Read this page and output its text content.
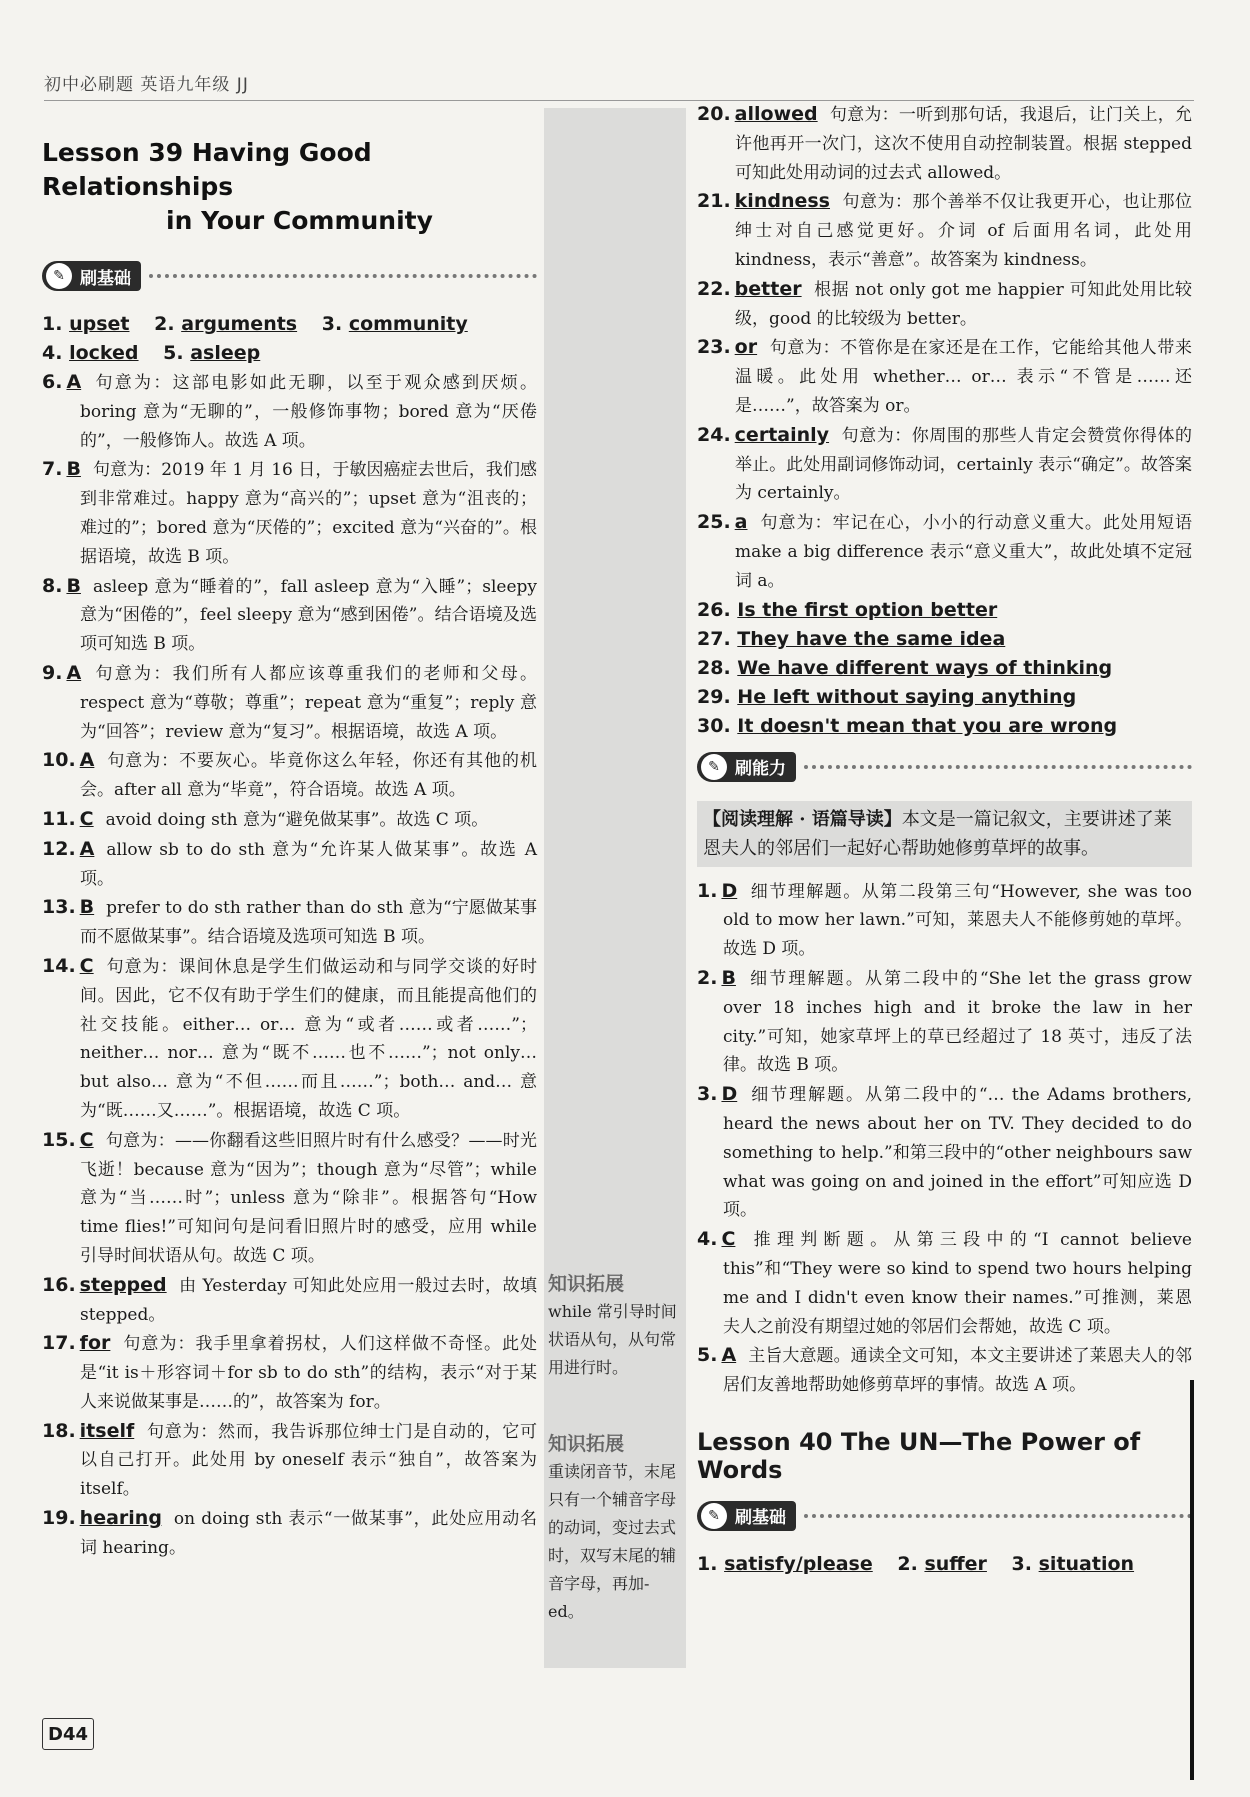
初中必刷题 英语九年级 JJ
知识拓展
while 常引导时间状语从句，从句常用进行时。
知识拓展
重读闭音节，末尾只有一个辅音字母的动词，变过去式时，双写末尾的辅音字母，再加-ed。
Lesson 39 Having Good Relationships
in Your Community
✎ 刷基础
1. upset 2. arguments 3. community
4. locked 5. asleep

6. A 句意为：这部电影如此无聊，以至于观众感到厌烦。boring 意为“无聊的”，一般修饰事物；bored 意为“厌倦的”，一般修饰人。故选 A 项。

7. B 句意为：2019 年 1 月 16 日，于敏因癌症去世后，我们感到非常难过。happy 意为“高兴的”；upset 意为“沮丧的；难过的”；bored 意为“厌倦的”；excited 意为“兴奋的”。根据语境，故选 B 项。

8. B asleep 意为“睡着的”，fall asleep 意为“入睡”；sleepy 意为“困倦的”，feel sleepy 意为“感到困倦”。结合语境及选项可知选 B 项。

9. A 句意为：我们所有人都应该尊重我们的老师和父母。respect 意为“尊敬；尊重”；repeat 意为“重复”；reply 意为“回答”；review 意为“复习”。根据语境，故选 A 项。

10. A 句意为：不要灰心。毕竟你这么年轻，你还有其他的机会。after all 意为“毕竟”，符合语境。故选 A 项。

11. C avoid doing sth 意为“避免做某事”。故选 C 项。

12. A allow sb to do sth 意为“允许某人做某事”。故选 A 项。

13. B prefer to do sth rather than do sth 意为“宁愿做某事而不愿做某事”。结合语境及选项可知选 B 项。

14. C 句意为：课间休息是学生们做运动和与同学交谈的好时间。因此，它不仅有助于学生们的健康，而且能提高他们的社交技能。either… or… 意为“或者……或者……”；neither… nor… 意为“既不……也不……”；not only… but also… 意为“不但……而且……”；both… and… 意为“既……又……”。根据语境，故选 C 项。

15. C 句意为：——你翻看这些旧照片时有什么感受？——时光飞逝！because 意为“因为”；though 意为“尽管”；while 意为“当……时”；unless 意为“除非”。根据答句“How time flies!”可知问句是问看旧照片时的感受，应用 while 引导时间状语从句。故选 C 项。

16. stepped 由 Yesterday 可知此处应用一般过去时，故填stepped。

17. for 句意为：我手里拿着拐杖，人们这样做不奇怪。此处是“it is＋形容词＋for sb to do sth”的结构，表示“对于某人来说做某事是……的”，故答案为 for。

18. itself 句意为：然而，我告诉那位绅士门是自动的，它可以自己打开。此处用 by oneself 表示“独自”，故答案为 itself。

19. hearing on doing sth 表示“一做某事”，此处应用动名词 hearing。

20. allowed 句意为：一听到那句话，我退后，让门关上，允许他再开一次门，这次不使用自动控制装置。根据 stepped 可知此处用动词的过去式 allowed。

21. kindness 句意为：那个善举不仅让我更开心，也让那位绅士对自己感觉更好。介词 of 后面用名词，此处用 kindness，表示“善意”。故答案为 kindness。

22. better 根据 not only got me happier 可知此处用比较级，good 的比较级为 better。

23. or 句意为：不管你是在家还是在工作，它能给其他人带来温暖。此处用 whether… or… 表示“不管是……还是……”，故答案为 or。

24. certainly 句意为：你周围的那些人肯定会赞赏你得体的举止。此处用副词修饰动词，certainly 表示“确定”。故答案为 certainly。

25. a 句意为：牢记在心，小小的行动意义重大。此处用短语 make a big difference 表示“意义重大”，故此处填不定冠词 a。

26. Is the first option better
27. They have the same idea
28. We have different ways of thinking
29. He left without saying anything
30. It doesn't mean that you are wrong
✎ 刷能力
【阅读理解 · 语篇导读】本文是一篇记叙文，主要讲述了莱恩夫人的邻居们一起好心帮助她修剪草坪的故事。

1. D 细节理解题。从第二段第三句“However, she was too old to mow her lawn.”可知，莱恩夫人不能修剪她的草坪。故选 D 项。

2. B 细节理解题。从第二段中的“She let the grass grow over 18 inches high and it broke the law in her city.”可知，她家草坪上的草已经超过了 18 英寸，违反了法律。故选 B 项。

3. D 细节理解题。从第二段中的“… the Adams brothers, heard the news about her on TV. They decided to do something to help.”和第三段中的“other neighbours saw what was going on and joined in the effort”可知应选 D 项。

4. C 推理判断题。从第三段中的“I cannot believe this”和“They were so kind to spend two hours helping me and I didn't even know their names.”可推测，莱恩夫人之前没有期望过她的邻居们会帮她，故选 C 项。

5. A 主旨大意题。通读全文可知，本文主要讲述了莱恩夫人的邻居们友善地帮助她修剪草坪的事情。故选 A 项。

Lesson 40 The UN—The Power of Words
✎ 刷基础
1. satisfy/please 2. suffer 3. situation
D44
